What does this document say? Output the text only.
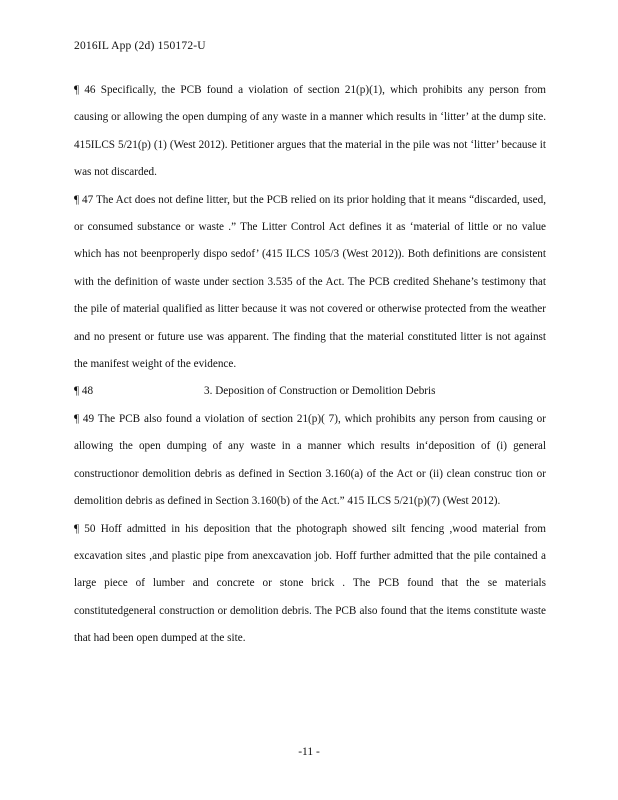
2016IL App (2d) 150172-U

¶ 46 Specifically, the PCB found a violation of section 21(p)(1), which prohibits any person from causing or allowing the open dumping of any waste in a manner which results in ‘litter’ at the dump site. 415ILCS 5/21(p) (1) (West 2012). Petitioner argues that the material in the pile was not ‘litter’ because it was not discarded.

¶ 47 The Act does not define litter, but the PCB relied on its prior holding that it means “discarded, used, or consumed substance or waste .” The Litter Control Act defines it as ‘material of little or no value which has not beenproperly dispo sedof’ (415 ILCS 105/3 (West 2012)). Both definitions are consistent with the definition of waste under section 3.535 of the Act. The PCB credited Shehane’s testimony that the pile of material qualified as litter because it was not covered or otherwise protected from the weather and no present or future use was apparent. The finding that the material constituted litter is not against the manifest weight of the evidence.

¶ 48	3. Deposition of Construction or Demolition Debris

¶ 49 The PCB also found a violation of section 21(p)( 7), which prohibits any person from causing or allowing the open dumping of any waste in a manner which results in‘deposition of (i) general constructionor demolition debris as defined in Section 3.160(a) of the Act or (ii) clean construc tion or demolition debris as defined in Section 3.160(b) of the Act.” 415 ILCS 5/21(p)(7) (West 2012).

¶ 50 Hoff admitted in his deposition that the photograph showed silt fencing ,wood material from excavation sites ,and plastic pipe from anexcavation job. Hoff further admitted that the pile contained a large piece of lumber and concrete or stone brick . The PCB found that the se materials constitutedgeneral construction or demolition debris. The PCB also found that the items constitute waste that had been open dumped at the site.

-11 -
